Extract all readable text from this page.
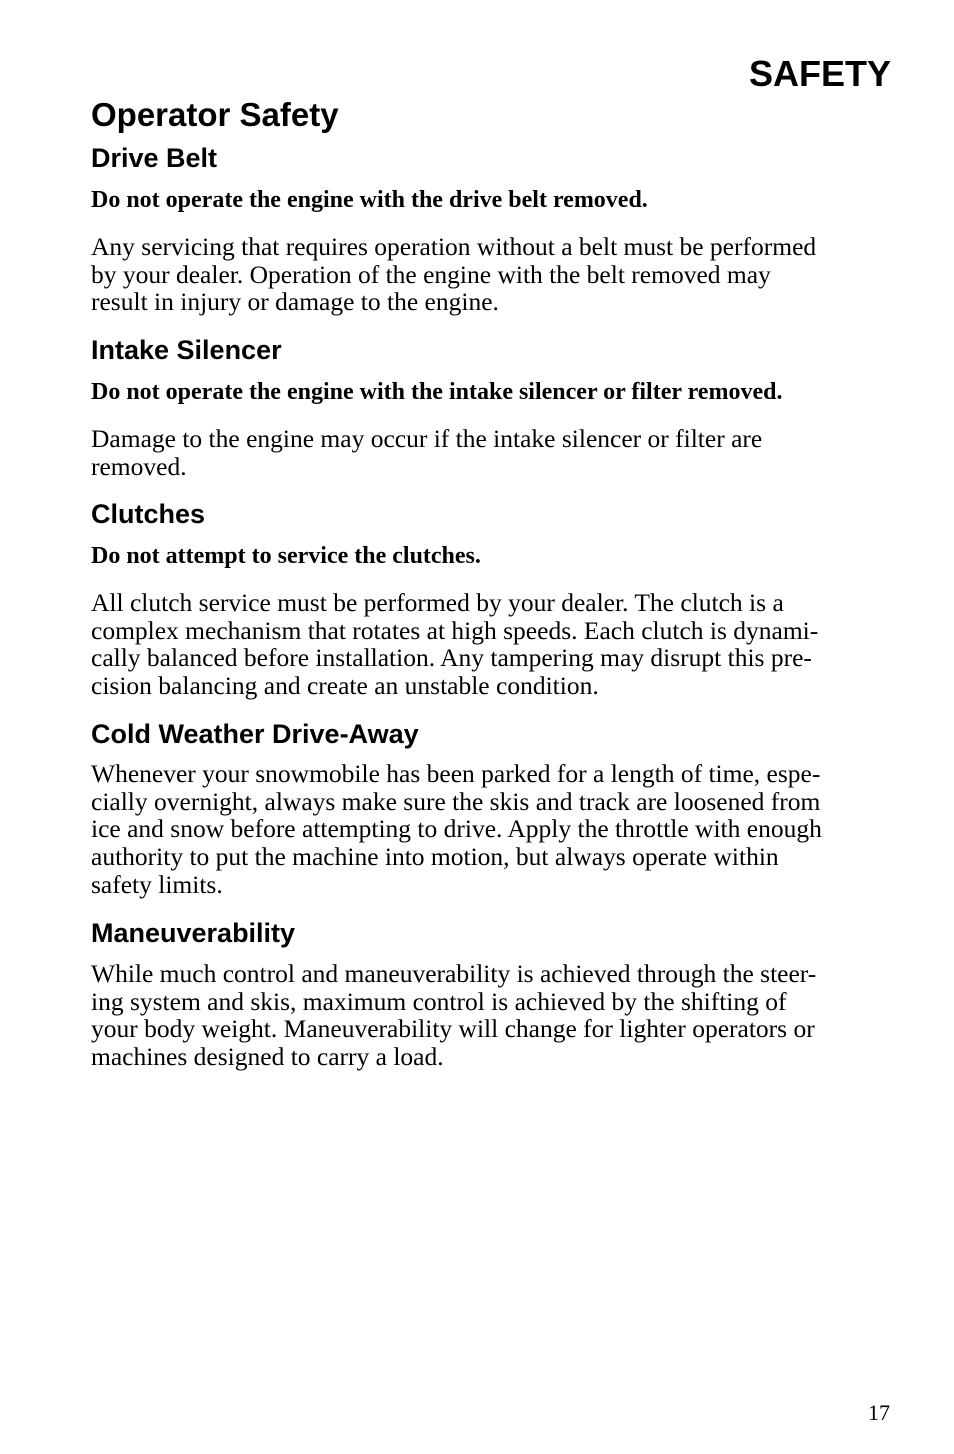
SAFETY
Operator Safety
Drive Belt

Do not operate the engine with the drive belt removed.

Any servicing that requires operation without a belt must be performed
by your dealer. Operation of the engine with the belt removed may
result in injury or damage to the engine.
Intake Silencer

Do not operate the engine with the intake silencer or filter removed.

Damage to the engine may occur if the intake silencer or filter are
removed.
Clutches

Do not attempt to service the clutches.

All clutch service must be performed by your dealer. The clutch is a
complex mechanism that rotates at high speeds. Each clutch is dynami-
cally balanced before installation. Any tampering may disrupt this pre-
cision balancing and create an unstable condition.
Cold Weather Drive-Away
Whenever your snowmobile has been parked for a length of time, espe-
cially overnight, always make sure the skis and track are loosened from
ice and snow before attempting to drive. Apply the throttle with enough
authority to put the machine into motion, but always operate within
safety limits.
Maneuverability
While much control and maneuverability is achieved through the steer-
ing system and skis, maximum control is achieved by the shifting of
your body weight. Maneuverability will change for lighter operators or
machines designed to carry a load.
17
